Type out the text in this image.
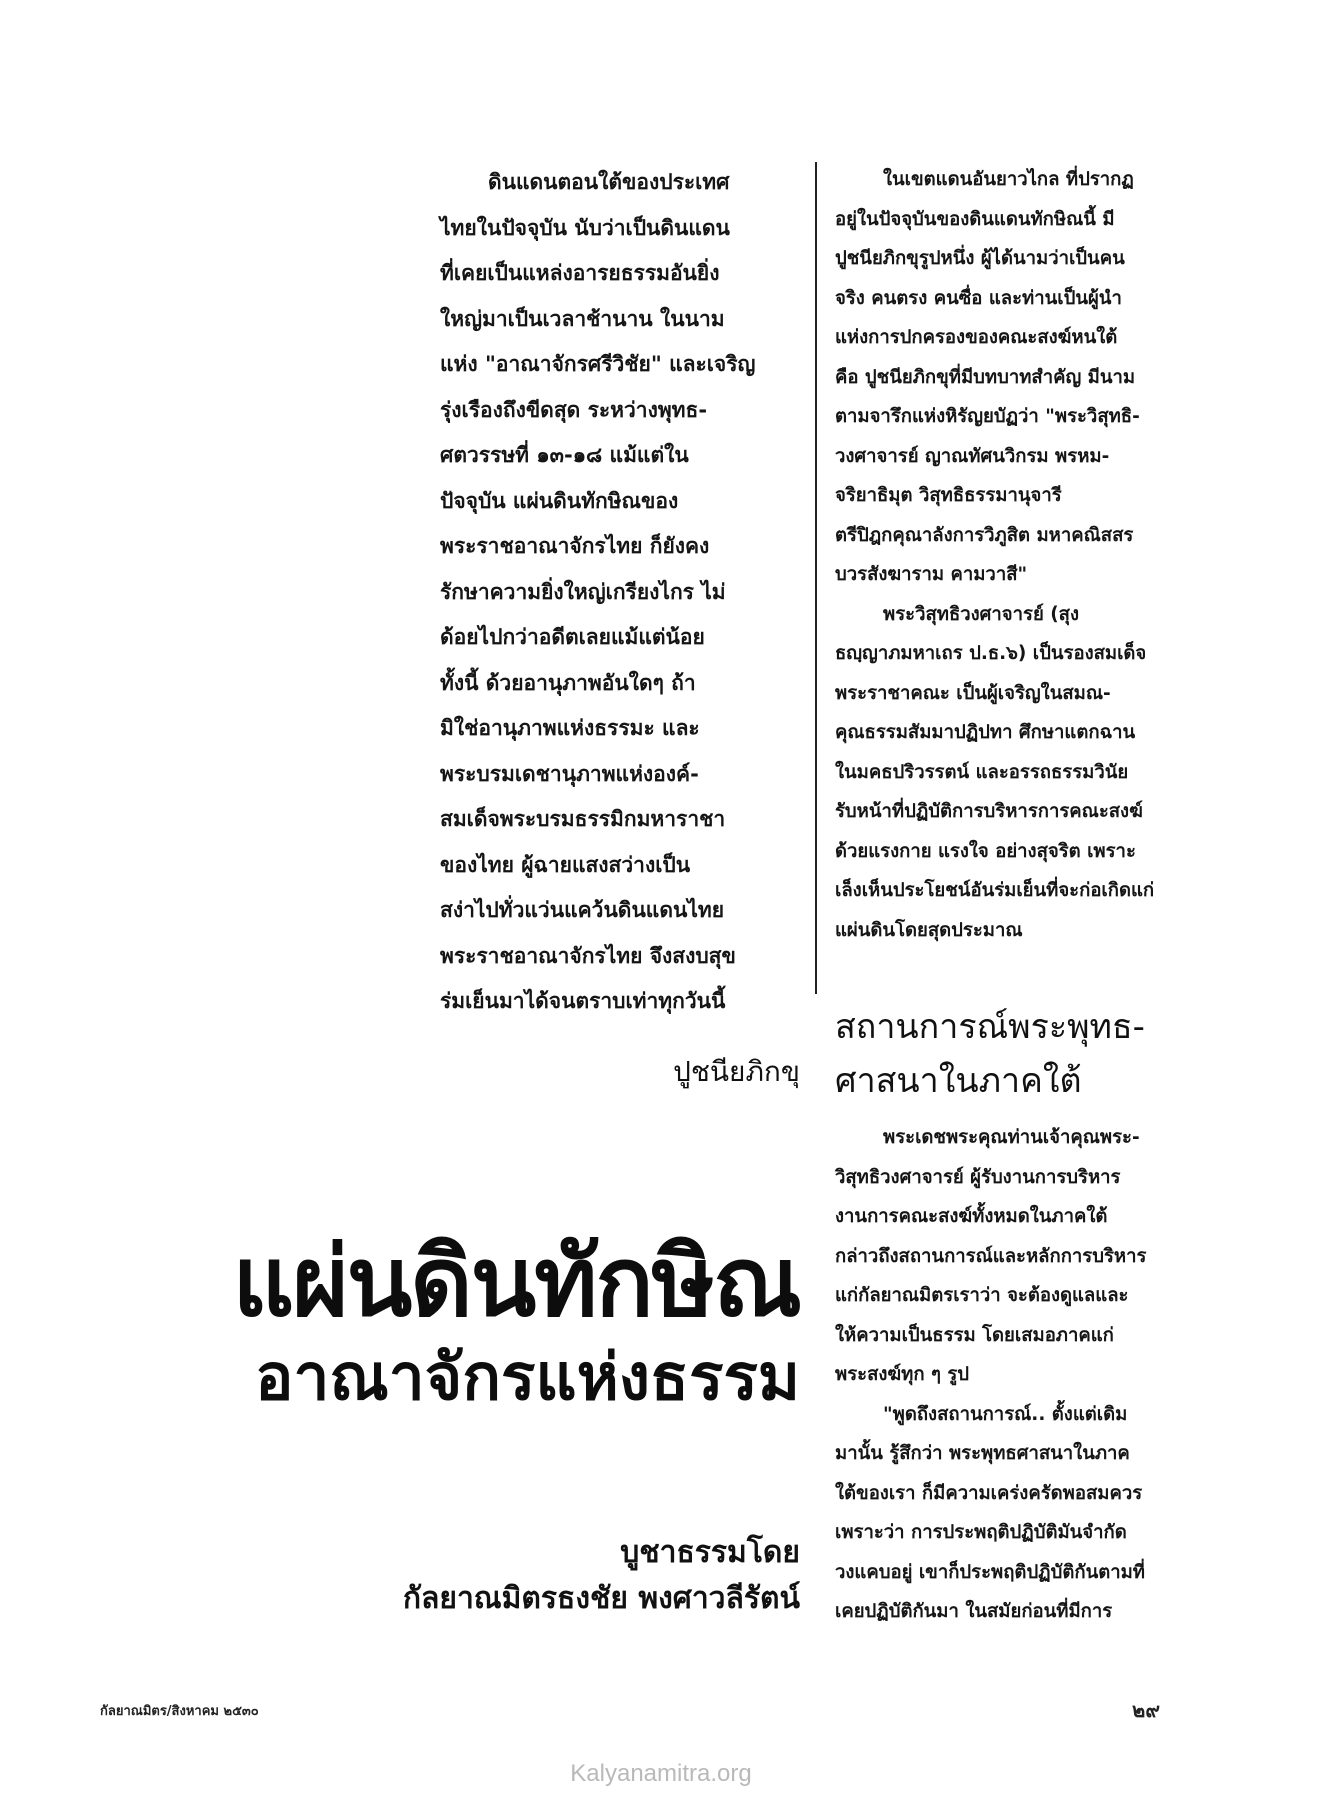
ดินแดนตอนใต้ของประเทศ

ไทยในปัจจุบัน นับว่าเป็นดินแดน

ที่เคยเป็นแหล่งอารยธรรมอันยิ่ง

ใหญ่มาเป็นเวลาช้านาน ในนาม

แห่ง "อาณาจักรศรีวิชัย" และเจริญ

รุ่งเรืองถึงขีดสุด ระหว่างพุทธ-

ศตวรรษที่ ๑๓-๑๘ แม้แต่ใน

ปัจจุบัน แผ่นดินทักษิณของ

พระราชอาณาจักรไทย ก็ยังคง

รักษาความยิ่งใหญ่เกรียงไกร ไม่

ด้อยไปกว่าอดีตเลยแม้แต่น้อย

ทั้งนี้ ด้วยอานุภาพอันใดๆ ถ้า

มิใช่อานุภาพแห่งธรรมะ และ

พระบรมเดชานุภาพแห่งองค์-

สมเด็จพระบรมธรรมิกมหาราชา

ของไทย ผู้ฉายแสงสว่างเป็น

สง่าไปทั่วแว่นแคว้นดินแดนไทย

พระราชอาณาจักรไทย จึงสงบสุข

ร่มเย็นมาได้จนตราบเท่าทุกวันนี้

ในเขตแดนอันยาวไกล ที่ปรากฏ

อยู่ในปัจจุบันของดินแดนทักษิณนี้ มี

ปูชนียภิกขุรูปหนึ่ง ผู้ได้นามว่าเป็นคน

จริง คนตรง คนซื่อ และท่านเป็นผู้นำ

แห่งการปกครองของคณะสงฆ์หนใต้

คือ ปูชนียภิกขุที่มีบทบาทสำคัญ มีนาม

ตามจารึกแห่งหิรัญยบัฏว่า "พระวิสุทธิ-

วงศาจารย์ ญาณทัศนวิกรม พรหม-

จริยาธิมุต วิสุทธิธรรมานุจารี

ตรีปิฎกคุณาลังการวิภูสิต มหาคณิสสร

บวรสังฆาราม คามวาสี"

พระวิสุทธิวงศาจารย์ (สุง

ธญฺญาภมหาเถร ป.ธ.๖) เป็นรองสมเด็จ

พระราชาคณะ เป็นผู้เจริญในสมณ-

คุณธรรมสัมมาปฏิปทา ศึกษาแตกฉาน

ในมคธปริวรรตน์ และอรรถธรรมวินัย

รับหน้าที่ปฏิบัติการบริหารการคณะสงฆ์

ด้วยแรงกาย แรงใจ อย่างสุจริต เพราะ

เล็งเห็นประโยชน์อันร่มเย็นที่จะก่อเกิดแก่

แผ่นดินโดยสุดประมาณ

สถานการณ์พระพุทธ-
ศาสนาในภาคใต้
ปูชนียภิกขุ

พระเดชพระคุณท่านเจ้าคุณพระ-

วิสุทธิวงศาจารย์ ผู้รับงานการบริหาร

งานการคณะสงฆ์ทั้งหมดในภาคใต้

กล่าวถึงสถานการณ์และหลักการบริหาร

แก่กัลยาณมิตรเราว่า จะต้องดูแลและ

ให้ความเป็นธรรม โดยเสมอภาคแก่

พระสงฆ์ทุก ๆ รูป

"พูดถึงสถานการณ์.. ตั้งแต่เดิม

มานั้น รู้สึกว่า พระพุทธศาสนาในภาค

ใต้ของเรา ก็มีความเคร่งครัดพอสมควร

เพราะว่า การประพฤติปฏิบัติมันจำกัด

วงแคบอยู่ เขาก็ประพฤติปฏิบัติกันตามที่

เคยปฏิบัติกันมา ในสมัยก่อนที่มีการ

แผ่นดินทักษิณ
อาณาจักรแห่งธรรม
บูชาธรรมโดย
กัลยาณมิตรธงชัย พงศาวลีรัตน์
กัลยาณมิตร/สิงหาคม ๒๕๓๐	๒๙
Kalyanamitra.org
